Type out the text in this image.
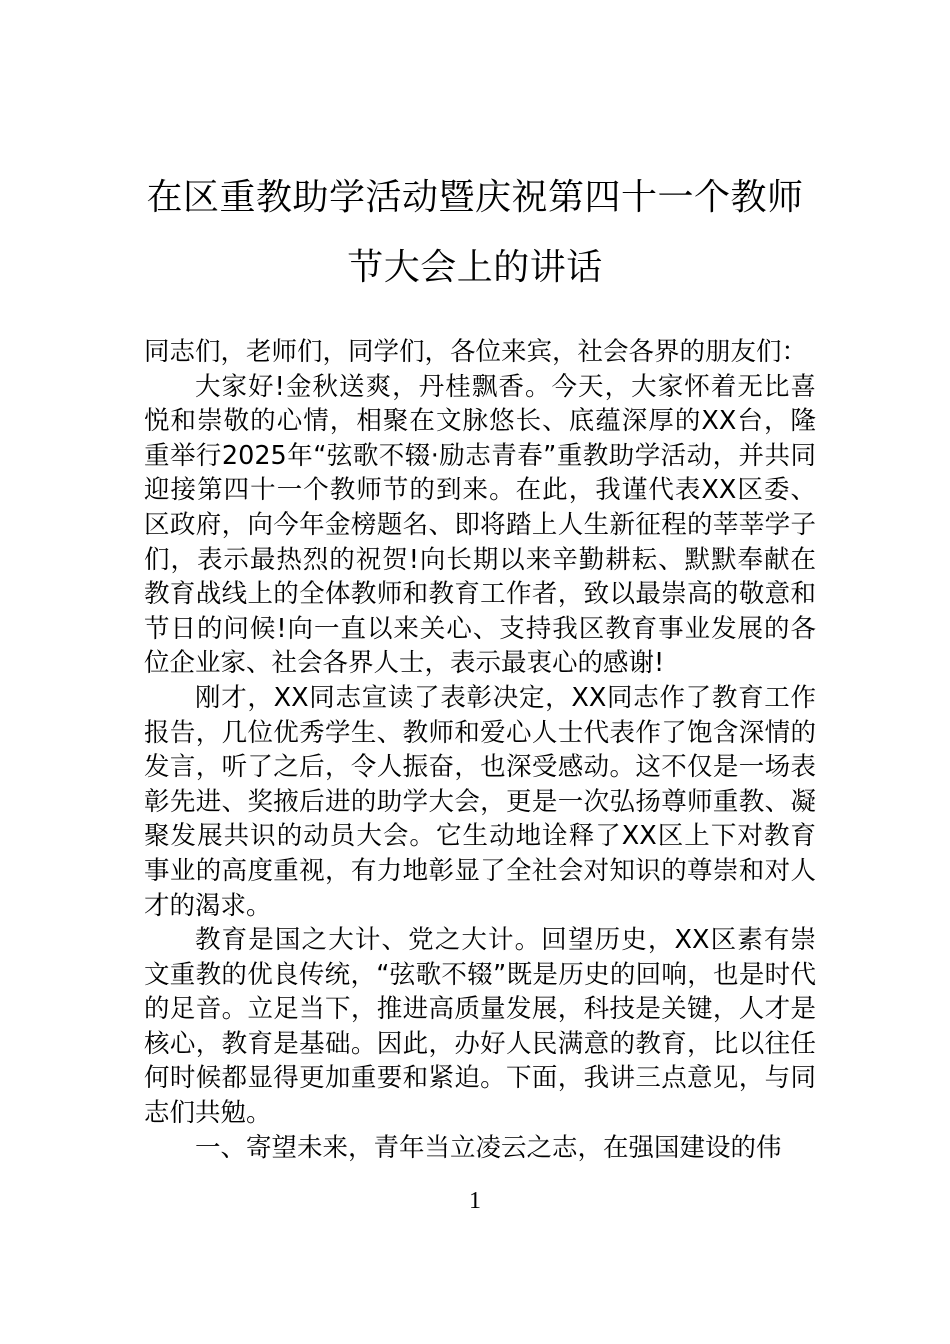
在区重教助学活动暨庆祝第四十一个教师
节大会上的讲话

同志们，老师们，同学们，各位来宾，社会各界的朋友们：

大家好!金秋送爽，丹桂飘香。今天，大家怀着无比喜悦和崇敬的心情，相聚在文脉悠长、底蕴深厚的XX台，隆重举行2025年“弦歌不辍·励志青春”重教助学活动，并共同迎接第四十一个教师节的到来。在此，我谨代表XX区委、区政府，向今年金榜题名、即将踏上人生新征程的莘莘学子们，表示最热烈的祝贺!向长期以来辛勤耕耘、默默奉献在教育战线上的全体教师和教育工作者，致以最崇高的敬意和节日的问候!向一直以来关心、支持我区教育事业发展的各位企业家、社会各界人士，表示最衷心的感谢!

刚才，XX同志宣读了表彰决定，XX同志作了教育工作报告，几位优秀学生、教师和爱心人士代表作了饱含深情的发言，听了之后，令人振奋，也深受感动。这不仅是一场表彰先进、奖掖后进的助学大会，更是一次弘扬尊师重教、凝聚发展共识的动员大会。它生动地诠释了XX区上下对教育事业的高度重视，有力地彰显了全社会对知识的尊崇和对人才的渴求。

教育是国之大计、党之大计。回望历史，XX区素有崇文重教的优良传统，“弦歌不辍”既是历史的回响，也是时代的足音。立足当下，推进高质量发展，科技是关键，人才是核心，教育是基础。因此，办好人民满意的教育，比以往任何时候都显得更加重要和紧迫。下面，我讲三点意见，与同志们共勉。

一、寄望未来，青年当立凌云之志，在强国建设的伟

1
